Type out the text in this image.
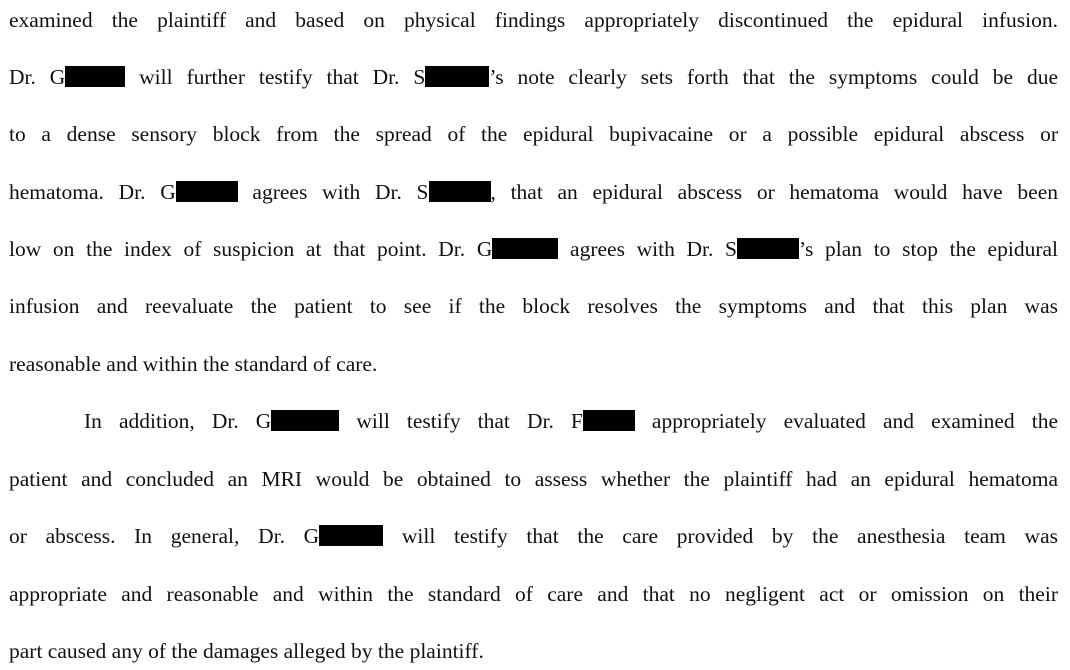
examined the plaintiff and based on physical findings appropriately discontinued the epidural infusion.

Dr. G	will further testify that Dr. S	’s note clearly sets forth that the symptoms could be due

to a dense sensory block from the spread of the epidural bupivacaine or a possible epidural abscess or

hematoma. Dr. G	agrees with Dr. S	, that an epidural abscess or hematoma would have been

low on the index of suspicion at that point. Dr. G	agrees with Dr. S	’s plan to stop the epidural

infusion and reevaluate the patient to see if the block resolves the symptoms and that this plan was

reasonable and within the standard of care.

In addition, Dr. G	will testify that Dr. F appropriately evaluated and examined the

patient and concluded an MRI would be obtained to assess whether the plaintiff had an epidural hematoma

or abscess. In general, Dr. G	will testify that the care provided by the anesthesia team was

appropriate and reasonable and within the standard of care and that no negligent act or omission on their

part caused any of the damages alleged by the plaintiff.
